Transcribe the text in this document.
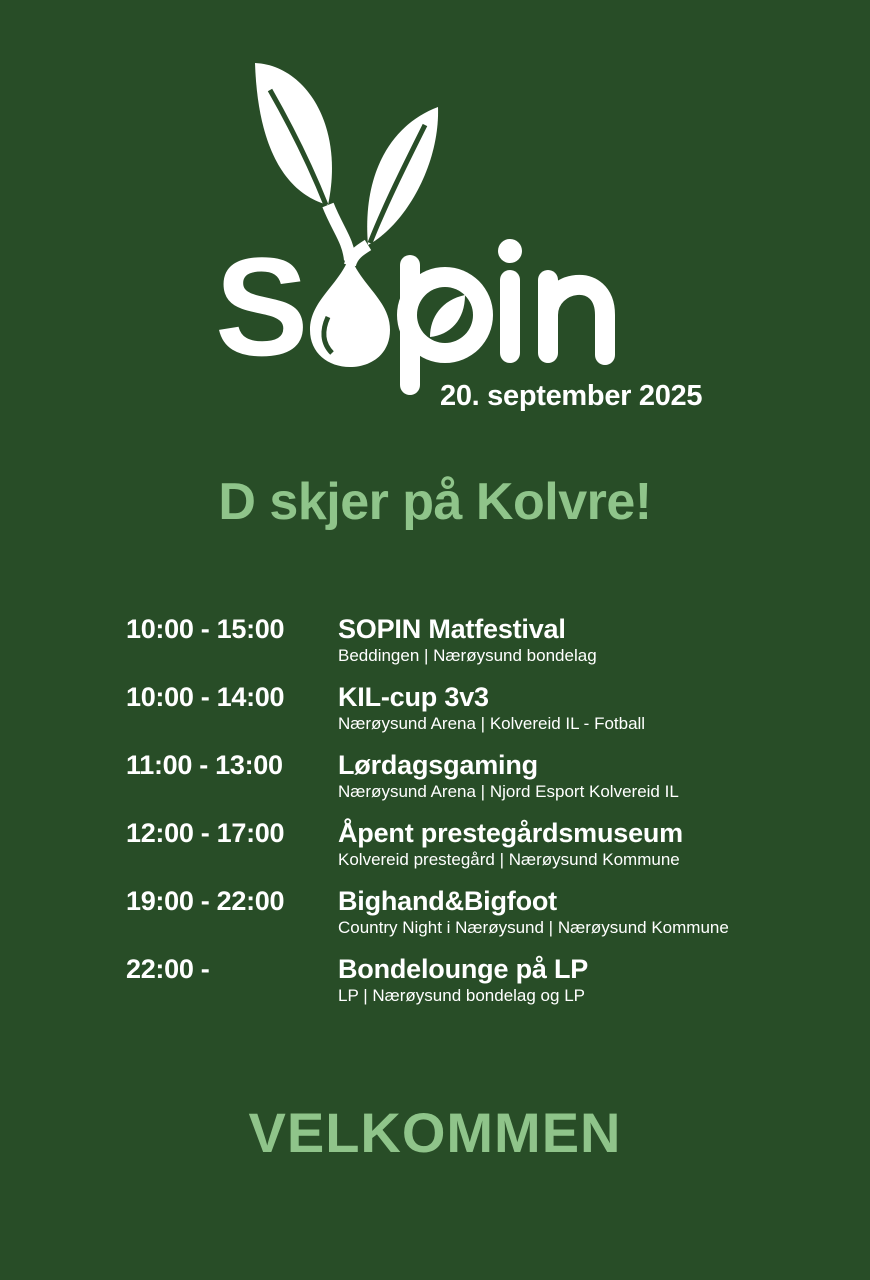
S
20. september 2025
D skjer på Kolvre!
10:00 - 15:00	SOPIN Matfestival
Beddingen | Nærøysund bondelag
10:00 - 14:00	KIL-cup 3v3
Nærøysund Arena | Kolvereid IL - Fotball
11:00 - 13:00	Lørdagsgaming
Nærøysund Arena | Njord Esport Kolvereid IL
12:00 - 17:00	Åpent prestegårdsmuseum
Kolvereid prestegård | Nærøysund Kommune
19:00 - 22:00	Bighand&Bigfoot
Country Night i Nærøysund | Nærøysund Kommune
22:00 -	Bondelounge på LP
LP | Nærøysund bondelag og LP
VELKOMMEN
